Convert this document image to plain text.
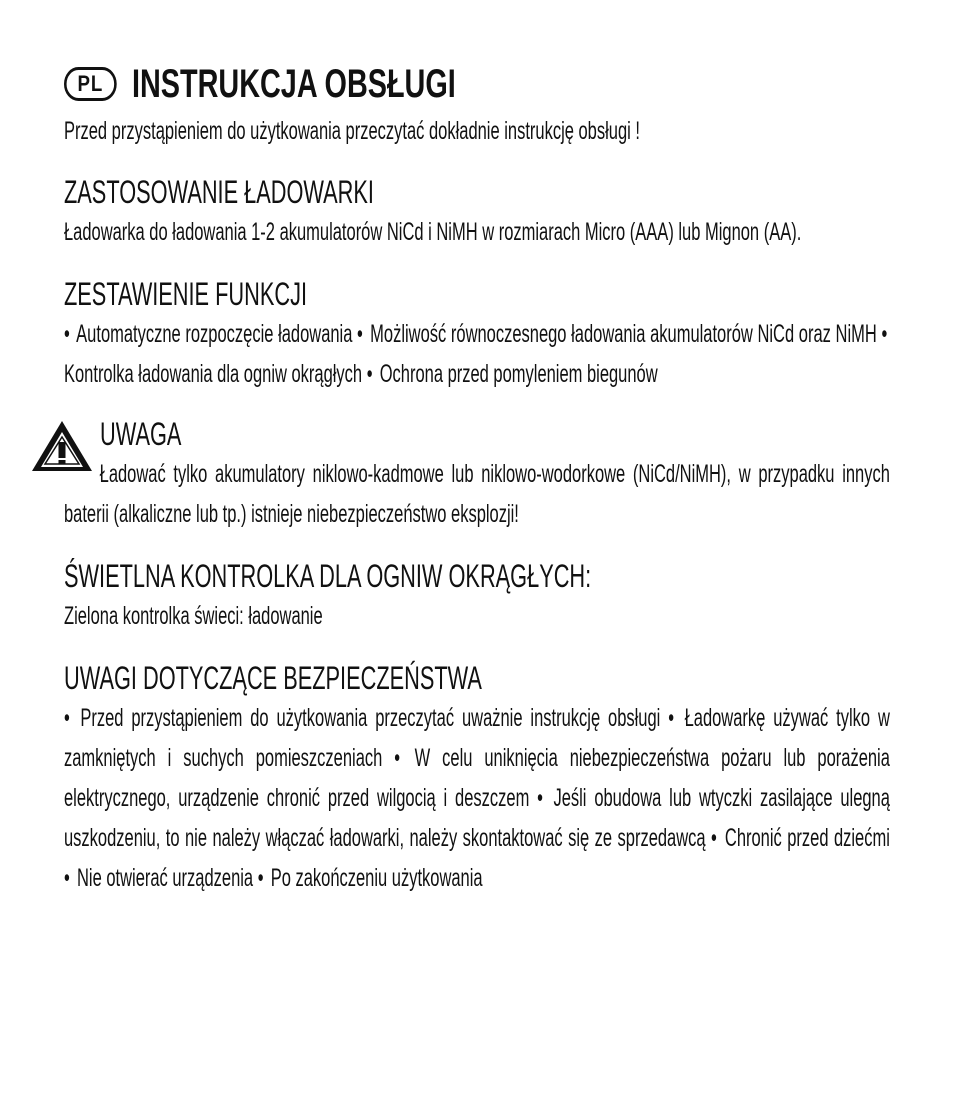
PL INSTRUKCJA OBSŁUGI
Przed przystąpieniem do użytkowania przeczytać dokładnie instrukcję obsługi !
ZASTOSOWANIE ŁADOWARKI
Ładowarka do ładowania 1-2 akumulatorów NiCd i NiMH w rozmiarach Micro (AAA) lub Mignon (AA).
ZESTAWIENIE FUNKCJI
• Automatyczne rozpoczęcie ładowania • Możliwość równoczesnego ładowania akumulatorów NiCd oraz NiMH • Kontrolka ładowania dla ogniw okrągłych • Ochrona przed pomyleniem biegunów
UWAGA
Ładować tylko akumulatory niklowo-kadmowe lub niklowo-wodorkowe (NiCd/NiMH), w przypadku innych baterii (alkaliczne lub tp.) istnieje niebezpieczeństwo eksplozji!
ŚWIETLNA KONTROLKA DLA OGNIW OKRĄGŁYCH:
Zielona kontrolka świeci: ładowanie
UWAGI DOTYCZĄCE BEZPIECZEŃSTWA
• Przed przystąpieniem do użytkowania przeczytać uważnie instrukcję obsługi • Ładowarkę używać tylko w zamkniętych i suchych pomieszczeniach • W celu uniknięcia niebezpieczeństwa pożaru lub porażenia elektrycznego, urządzenie chronić przed wilgocią i deszczem • Jeśli obudowa lub wtyczki zasilające ulegną uszkodzeniu, to nie należy włączać ładowarki, należy skontaktować się ze sprzedawcą • Chronić przed dziećmi • Nie otwierać urządzenia • Po zakończeniu użytkowania
